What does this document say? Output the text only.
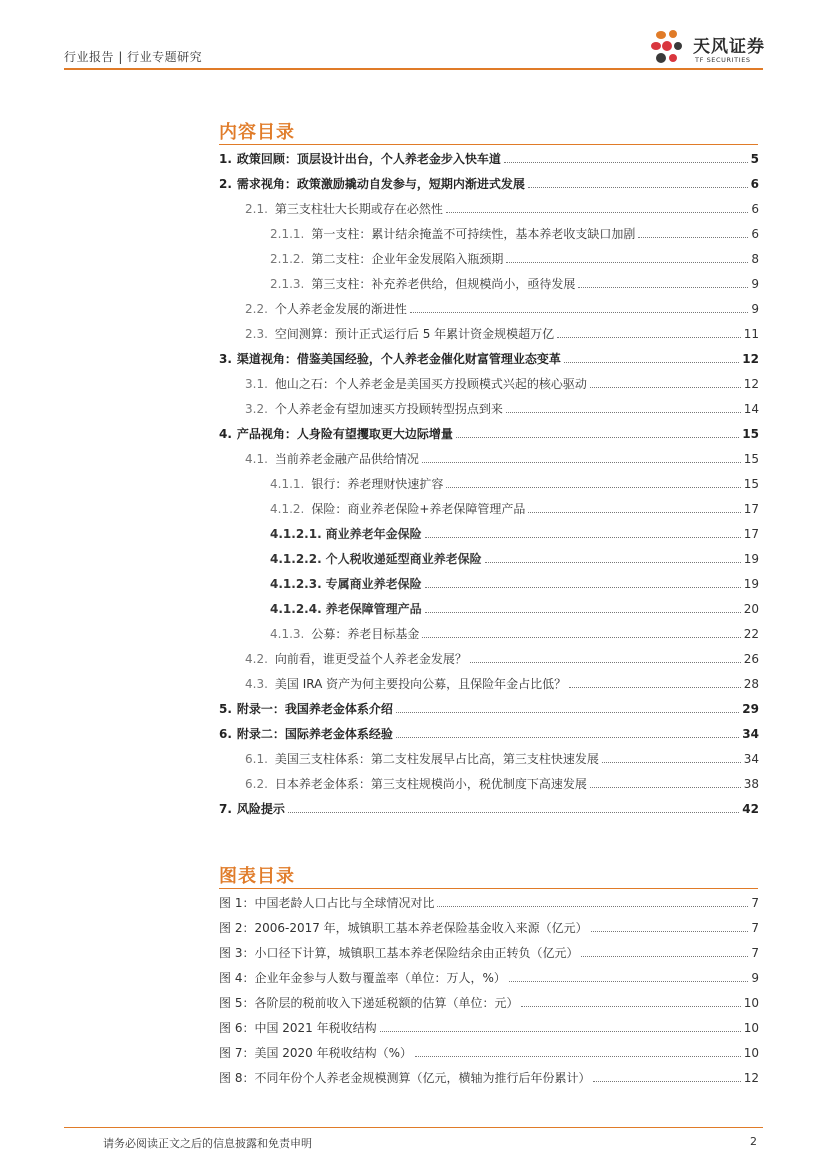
行业报告 | 行业专题研究	天风证券
TF SECURITIES
内容目录
1. 政策回顾：顶层设计出台，个人养老金步入快车道	5
2. 需求视角：政策激励撬动自发参与，短期内渐进式发展	6
2.1. 第三支柱壮大长期或存在必然性	6
2.1.1. 第一支柱：累计结余掩盖不可持续性，基本养老收支缺口加剧	6
2.1.2. 第二支柱：企业年金发展陷入瓶颈期	8
2.1.3. 第三支柱：补充养老供给，但规模尚小，亟待发展	9
2.2. 个人养老金发展的渐进性	9
2.3. 空间测算：预计正式运行后 5 年累计资金规模超万亿	11
3. 渠道视角：借鉴美国经验，个人养老金催化财富管理业态变革	12
3.1. 他山之石：个人养老金是美国买方投顾模式兴起的核心驱动	12
3.2. 个人养老金有望加速买方投顾转型拐点到来	14
4. 产品视角：人身险有望攫取更大边际增量	15
4.1. 当前养老金融产品供给情况	15
4.1.1. 银行：养老理财快速扩容	15
4.1.2. 保险：商业养老保险+养老保障管理产品	17
4.1.2.1. 商业养老年金保险	17
4.1.2.2. 个人税收递延型商业养老保险	19
4.1.2.3. 专属商业养老保险	19
4.1.2.4. 养老保障管理产品	20
4.1.3. 公募：养老目标基金	22
4.2. 向前看，谁更受益个人养老金发展？	26
4.3. 美国 IRA 资产为何主要投向公募，且保险年金占比低？	28
5. 附录一：我国养老金体系介绍	29
6. 附录二：国际养老金体系经验	34
6.1. 美国三支柱体系：第二支柱发展早占比高，第三支柱快速发展	34
6.2. 日本养老金体系：第三支柱规模尚小，税优制度下高速发展	38
7. 风险提示	42
图表目录
图 1：中国老龄人口占比与全球情况对比	7
图 2：2006-2017 年，城镇职工基本养老保险基金收入来源（亿元）	7
图 3：小口径下计算，城镇职工基本养老保险结余由正转负（亿元）	7
图 4：企业年金参与人数与覆盖率（单位：万人，%）	9
图 5：各阶层的税前收入下递延税额的估算（单位：元）	10
图 6：中国 2021 年税收结构	10
图 7：美国 2020 年税收结构（%）	10
图 8：不同年份个人养老金规模测算（亿元，横轴为推行后年份累计）	12
请务必阅读正文之后的信息披露和免责申明	2
